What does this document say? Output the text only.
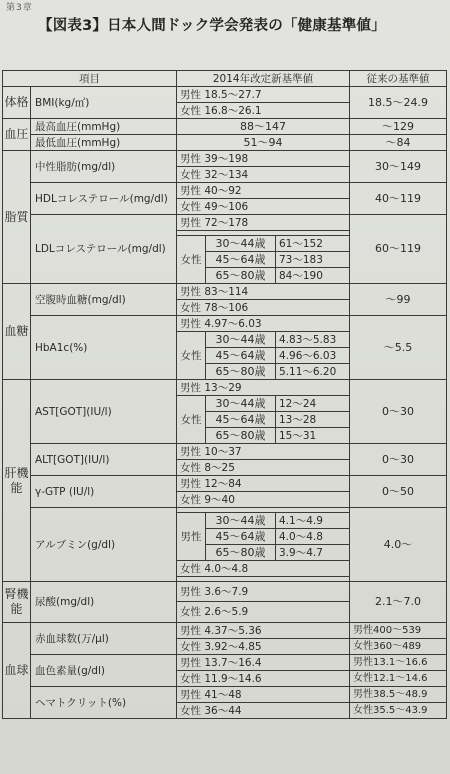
第3章
【図表3】日本人間ドック学会発表の「健康基準値」
項目		2014年改定新基準値			従来の基準値
体格	BMI(kg/㎡)	男性 18.5〜27.7			18.5〜24.9
		女性 16.8〜26.1			
血圧	最高血圧(mmHg)	88〜147			〜129
	最低血圧(mmHg)	51〜94			〜84
脂質	中性脂肪(mg/dl)	男性 39〜198			30〜149
		女性 32〜134			
	HDLコレステロール(mg/dl)	男性 40〜92			40〜119
		女性 49〜106			
	LDLコレステロール(mg/dl)	男性 72〜178			60〜119

		女性	30〜44歳	61〜152	
			45〜64歳	73〜183	
			65〜80歳	84〜190	
血糖	空腹時血糖(mg/dl)	男性 83〜114			〜99
		女性 78〜106			
	HbA1c(%)	男性 4.97〜6.03			〜5.5
		女性	30〜44歳	4.83〜5.83	
			45〜64歳	4.96〜6.03	
			65〜80歳	5.11〜6.20	
肝機能	AST[GOT](IU/l)	男性 13〜29			0〜30
		女性	30〜44歳	12〜24	
			45〜64歳	13〜28	
			65〜80歳	15〜31	
	ALT[GOT](IU/l)	男性 10〜37			0〜30
		女性 8〜25			
	γ-GTP (IU/l)	男性 12〜84			0〜50
		女性 9〜40			
	アルブミン(g/dl)				4.0〜
		男性	30〜44歳	4.1〜4.9	
			45〜64歳	4.0〜4.8	
			65〜80歳	3.9〜4.7	
		女性 4.0〜4.8			

腎機能	尿酸(mg/dl)	男性 3.6〜7.9			2.1〜7.0
		女性 2.6〜5.9			
血球	赤血球数(万/μl)	男性 4.37〜5.36			男性400〜539
		女性 3.92〜4.85			女性360〜489
	血色素量(g/dl)	男性 13.7〜16.4			男性13.1〜16.6
		女性 11.9〜14.6			女性12.1〜14.6
	ヘマトクリット(%)	男性 41〜48			男性38.5〜48.9
		女性 36〜44			女性35.5〜43.9
